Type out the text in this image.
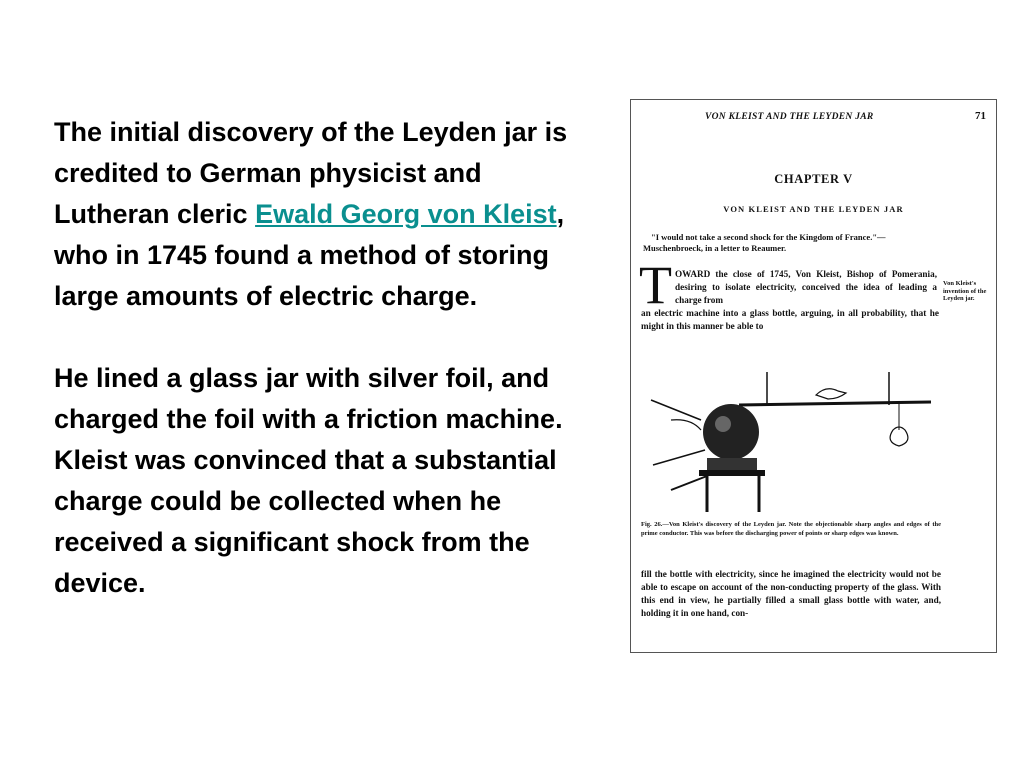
The initial discovery of the Leyden jar is credited to German physicist and Lutheran cleric Ewald Georg von Kleist, who in 1745 found a method of storing large amounts of electric charge.

He lined a glass jar with silver foil, and charged the foil with a friction machine. Kleist was convinced that a substantial charge could be collected when he received a significant shock from the device.

VON KLEIST AND THE LEYDEN JAR	71
CHAPTER V
VON KLEIST AND THE LEYDEN JAR
"I would not take a second shock for the Kingdom of France."—Muschenbroeck, in a letter to Reaumer.
T OWARD the close of 1745, Von Kleist, Bishop of Pomerania, desiring to isolate electricity, conceived the idea of leading a charge from
an electric machine into a glass bottle, arguing, in all probability, that he might in this manner be able to
Von Kleist's invention of the Leyden jar.
Fig. 26.—Von Kleist's discovery of the Leyden jar. Note the objectionable sharp angles and edges of the prime conductor. This was before the discharging power of points or sharp edges was known.
fill the bottle with electricity, since he imagined the electricity would not be able to escape on account of the non-conducting property of the glass. With this end in view, he partially filled a small glass bottle with water, and, holding it in one hand, con-
